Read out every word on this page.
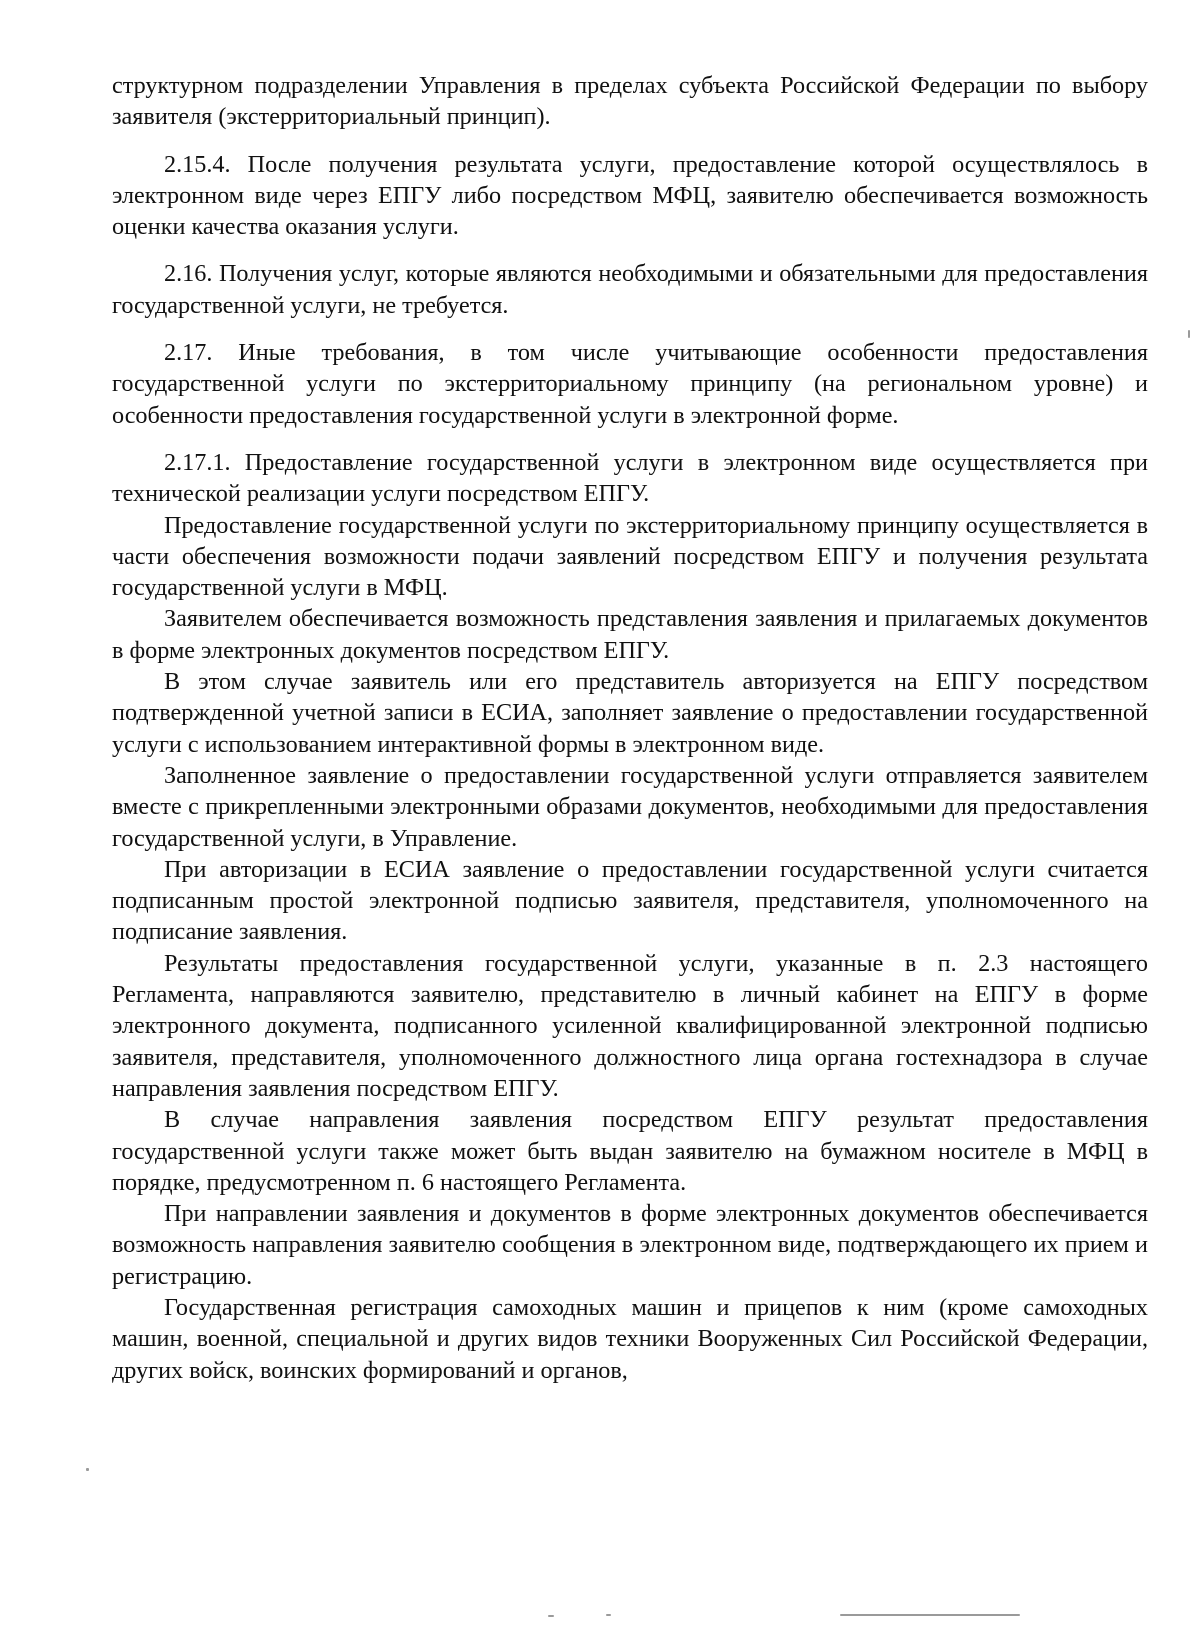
структурном подразделении Управления в пределах субъекта Российской Федерации по выбору заявителя (экстерриториальный принцип).

2.15.4. После получения результата услуги, предоставление которой осуществлялось в электронном виде через ЕПГУ либо посредством МФЦ, заявителю обеспечивается возможность оценки качества оказания услуги.

2.16. Получения услуг, которые являются необходимыми и обязательными для предоставления государственной услуги, не требуется.

2.17. Иные требования, в том числе учитывающие особенности предоставления государственной услуги по экстерриториальному принципу (на региональном уровне) и особенности предоставления государственной услуги в электронной форме.

2.17.1. Предоставление государственной услуги в электронном виде осуществляется при технической реализации услуги посредством ЕПГУ.

Предоставление государственной услуги по экстерриториальному принципу осуществляется в части обеспечения возможности подачи заявлений посредством ЕПГУ и получения результата государственной услуги в МФЦ.

Заявителем обеспечивается возможность представления заявления и прилагаемых документов в форме электронных документов посредством ЕПГУ.

В этом случае заявитель или его представитель авторизуется на ЕПГУ посредством подтвержденной учетной записи в ЕСИА, заполняет заявление о предоставлении государственной услуги с использованием интерактивной формы в электронном виде.

Заполненное заявление о предоставлении государственной услуги отправляется заявителем вместе с прикрепленными электронными образами документов, необходимыми для предоставления государственной услуги, в Управление.

При авторизации в ЕСИА заявление о предоставлении государственной услуги считается подписанным простой электронной подписью заявителя, представителя, уполномоченного на подписание заявления.

Результаты предоставления государственной услуги, указанные в п. 2.3 настоящего Регламента, направляются заявителю, представителю в личный кабинет на ЕПГУ в форме электронного документа, подписанного усиленной квалифицированной электронной подписью заявителя, представителя, уполномоченного должностного лица органа гостехнадзора в случае направления заявления посредством ЕПГУ.

В случае направления заявления посредством ЕПГУ результат предоставления государственной услуги также может быть выдан заявителю на бумажном носителе в МФЦ в порядке, предусмотренном п. 6 настоящего Регламента.

При направлении заявления и документов в форме электронных документов обеспечивается возможность направления заявителю сообщения в электронном виде, подтверждающего их прием и регистрацию.

Государственная регистрация самоходных машин и прицепов к ним (кроме самоходных машин, военной, специальной и других видов техники Вооруженных Сил Российской Федерации, других войск, воинских формирований и органов,
